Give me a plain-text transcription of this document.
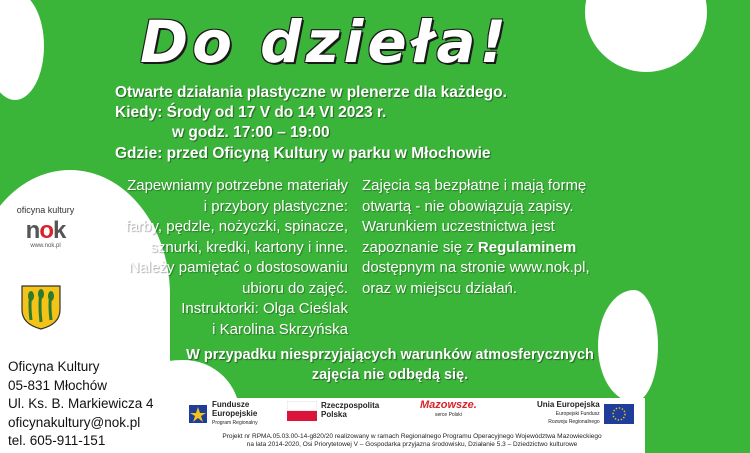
Do dzieła!
Otwarte działania plastyczne w plenerze dla każdego.
Kiedy: Środy od 17 V do 14 VI 2023 r.
w godz. 17:00 – 19:00
Gdzie: przed Oficyną Kultury w parku w Młochowie
Zapewniamy potrzebne materiały
i przybory plastyczne:
farby, pędzle, nożyczki, spinacze,
sznurki, kredki, kartony i inne.
Należy pamiętać o dostosowaniu
ubioru do zajęć.
Instruktorki: Olga Cieślak
i Karolina Skrzyńska
Zajęcia są bezpłatne i mają formę
otwartą - nie obowiązują zapisy.
Warunkiem uczestnictwa jest
zapoznanie się z Regulaminem
dostępnym na stronie www.nok.pl,
oraz w miejscu działań.
W przypadku niesprzyjających warunków atmosferycznych
zajęcia nie odbędą się.
oficyna kultury
nok
www.nok.pl
Oficyna Kultury
05-831 Młochów
Ul. Ks. B. Markiewicza 4
oficynakultury@nok.pl
tel. 605-911-151
Fundusze
Europejskie
Program Regionalny
Rzeczpospolita
Polska
Mazowsze.
serce Polski
Unia Europejska
Europejski Fundusz
Rozwoju Regionalnego
Projekt nr RPMA.05.03.00-14-g820/20 realizowany w ramach Regionalnego Programu Operacyjnego Województwa Mazowieckiego
na lata 2014-2020, Osi Priorytetowej V – Gospodarka przyjazna środowisku, Działanie 5.3 – Dziedzictwo kulturowe
